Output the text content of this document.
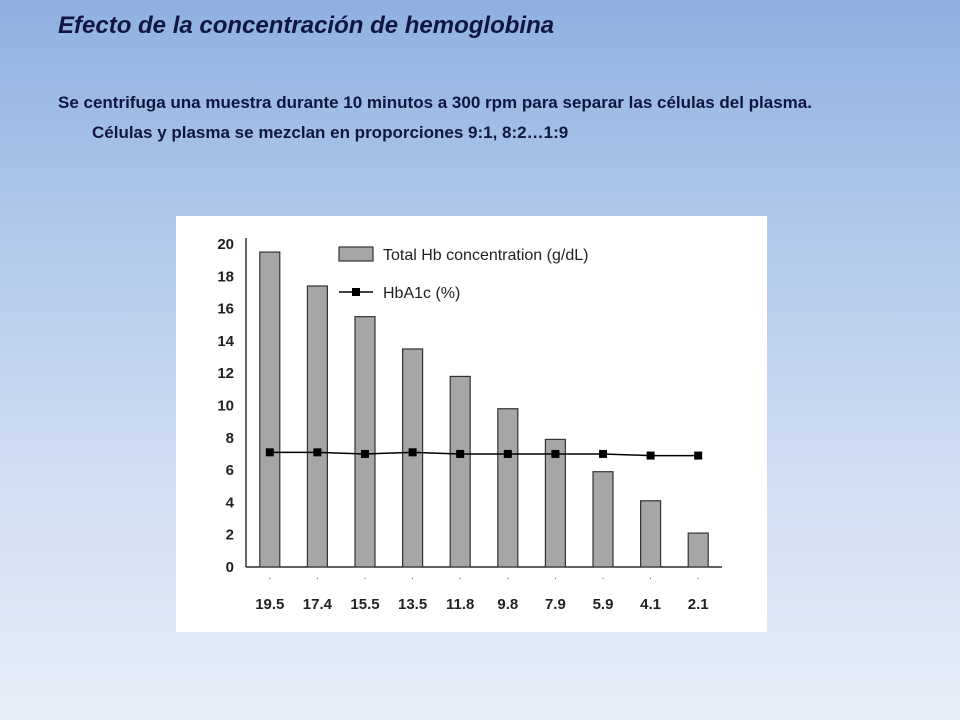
Efecto de la concentración de hemoglobina

Se centrifuga una muestra durante 10 minutos a 300 rpm para separar las células del plasma.

Células y plasma se mezclan en proporciones 9:1, 8:2…1:9

0
2
4
6
8
10
12
14
16
18
20
·
19.5
·
17.4
·
15.5
·
13.5
·
11.8
·
9.8
·
7.9
·
5.9
·
4.1
·
2.1
Total Hb concentration (g/dL)
HbA1c (%)
